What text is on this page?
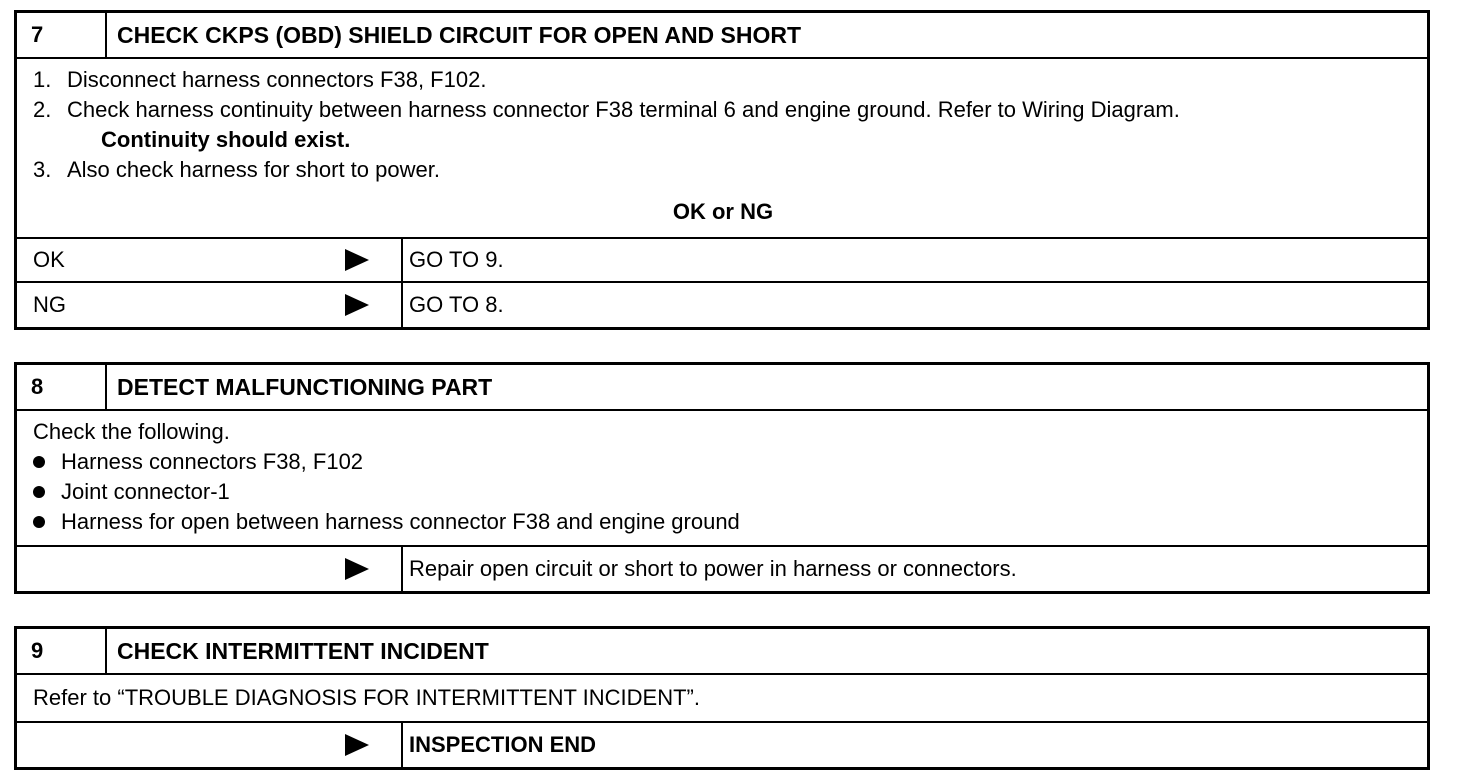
7	CHECK CKPS (OBD) SHIELD CIRCUIT FOR OPEN AND SHORT
1. Disconnect harness connectors F38, F102.
2. Check harness continuity between harness connector F38 terminal 6 and engine ground. Refer to Wiring Diagram.
Continuity should exist.
3. Also check harness for short to power.
OK or NG
OK	GO TO 9.
NG	GO TO 8.
8	DETECT MALFUNCTIONING PART
Check the following.
Harness connectors F38, F102
Joint connector-1
Harness for open between harness connector F38 and engine ground
Repair open circuit or short to power in harness or connectors.
9	CHECK INTERMITTENT INCIDENT
Refer to “TROUBLE DIAGNOSIS FOR INTERMITTENT INCIDENT”.
INSPECTION END
